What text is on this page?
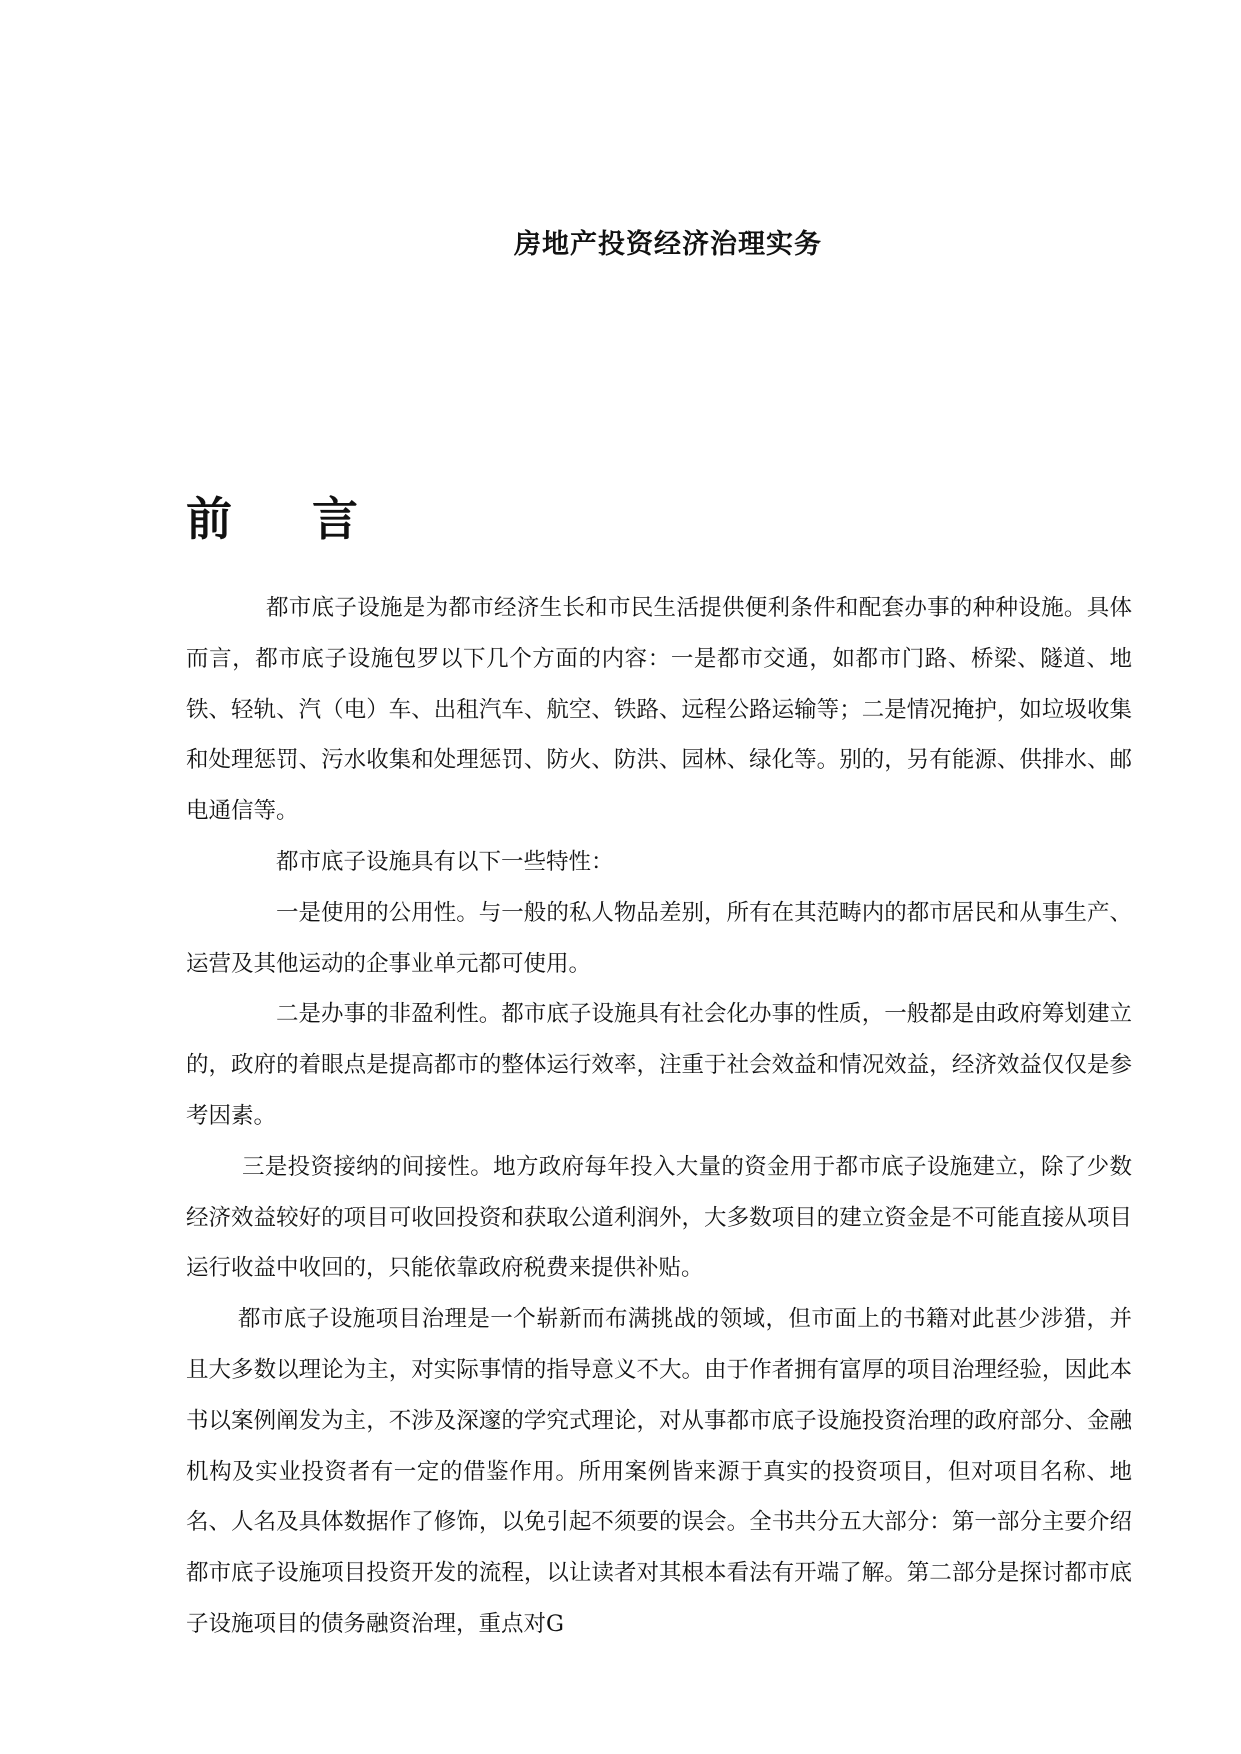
房地产投资经济治理实务
前 言

都市底子设施是为都市经济生长和市民生活提供便利条件和配套办事的种种设施。具体而言，都市底子设施包罗以下几个方面的内容：一是都市交通，如都市门路、桥梁、隧道、地铁、轻轨、汽（电）车、出租汽车、航空、铁路、远程公路运输等；二是情况掩护，如垃圾收集和处理惩罚、污水收集和处理惩罚、防火、防洪、园林、绿化等。别的，另有能源、供排水、邮电通信等。

都市底子设施具有以下一些特性：

一是使用的公用性。与一般的私人物品差别，所有在其范畴内的都市居民和从事生产、运营及其他运动的企事业单元都可使用。

二是办事的非盈利性。都市底子设施具有社会化办事的性质，一般都是由政府筹划建立的，政府的着眼点是提高都市的整体运行效率，注重于社会效益和情况效益，经济效益仅仅是参考因素。

三是投资接纳的间接性。地方政府每年投入大量的资金用于都市底子设施建立，除了少数经济效益较好的项目可收回投资和获取公道利润外，大多数项目的建立资金是不可能直接从项目运行收益中收回的，只能依靠政府税费来提供补贴。

都市底子设施项目治理是一个崭新而布满挑战的领域，但市面上的书籍对此甚少涉猎，并且大多数以理论为主，对实际事情的指导意义不大。由于作者拥有富厚的项目治理经验，因此本书以案例阐发为主，不涉及深邃的学究式理论，对从事都市底子设施投资治理的政府部分、金融机构及实业投资者有一定的借鉴作用。所用案例皆来源于真实的投资项目，但对项目名称、地名、人名及具体数据作了修饰，以免引起不须要的误会。全书共分五大部分：第一部分主要介绍都市底子设施项目投资开发的流程，以让读者对其根本看法有开端了解。第二部分是探讨都市底子设施项目的债务融资治理，重点对G
